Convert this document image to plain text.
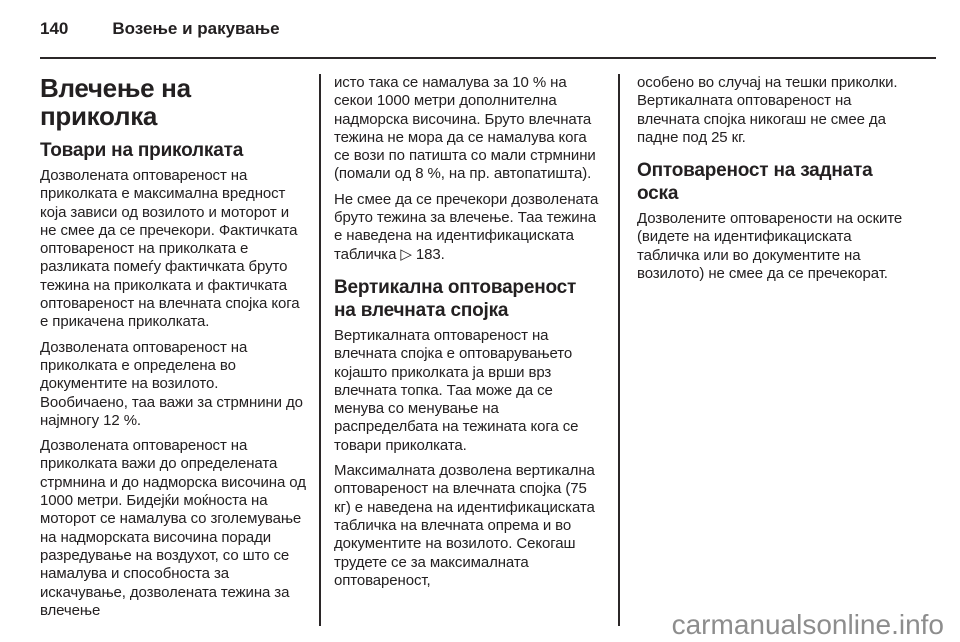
140	Возење и ракување
Влечење на приколка
Товари на приколката

Дозволената оптовареност на приколката е максимална вредност која зависи од возилото и моторот и не смее да се пречекори. Фактичката оптовареност на приколката е разликата помеѓу фактичката бруто тежина на приколката и фактичката оптовареност на влечната спојка кога е прикачена приколката.

Дозволената оптовареност на приколката е определена во документите на возилото. Вообичаено, таа важи за стрмнини до најмногу 12 %.

Дозволената оптовареност на приколката важи до определената стрмнина и до надморска височина од 1000 метри. Бидејќи моќноста на моторот се намалува со зголемување на надморската височина поради разредување на воздухот, со што се намалува и способноста за искачување, дозволената тежина за влечење

исто така се намалува за 10 % на секои 1000 метри дополнителна надморска височина. Бруто влечната тежина не мора да се намалува кога се вози по патишта со мали стрмнини (помали од 8 %, на пр. автопатишта).

Не смее да се пречекори дозволената бруто тежина за влечење. Таа тежина е наведена на идентификациската табличка ▷ 183.

Вертикална оптовареност на влечната спојка

Вертикалната оптовареност на влечната спојка е оптоварувањето којашто приколката ја врши врз влечната топка. Таа може да се менува со менување на распределбата на тежината кога се товари приколката.

Максималната дозволена вертикална оптовареност на влечната спојка (75 кг) е наведена на идентификациската табличка на влечната опрема и во документите на возилото. Секогаш трудете се за максималната оптовареност,

особено во случај на тешки приколки. Вертикалната оптовареност на влечната спојка никогаш не смее да падне под 25 кг.

Оптовареност на задната оска

Дозволените оптоварености на оските (видете на идентификациската табличка или во документите на возилото) не смее да се пречекорат.

carmanualsonline.info
